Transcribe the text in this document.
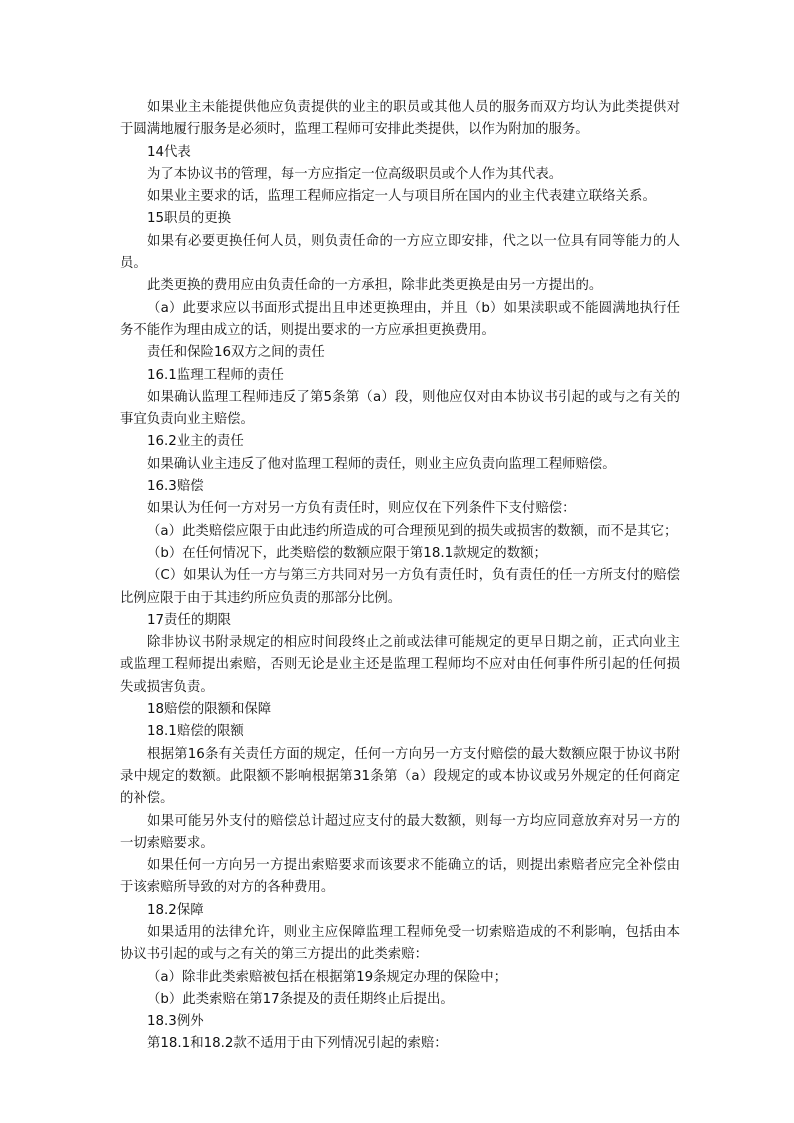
如果业主未能提供他应负责提供的业主的职员或其他人员的服务而双方均认为此类提供对于圆满地履行服务是必须时，监理工程师可安排此类提供，以作为附加的服务。

14代表

为了本协议书的管理，每一方应指定一位高级职员或个人作为其代表。

如果业主要求的话，监理工程师应指定一人与项目所在国内的业主代表建立联络关系。

15职员的更换

如果有必要更换任何人员，则负责任命的一方应立即安排，代之以一位具有同等能力的人员。

此类更换的费用应由负责任命的一方承担，除非此类更换是由另一方提出的。

（a）此要求应以书面形式提出且申述更换理由，并且（b）如果渎职或不能圆满地执行任务不能作为理由成立的话，则提出要求的一方应承担更换费用。

责任和保险16双方之间的责任

16.1监理工程师的责任

如果确认监理工程师违反了第5条第（a）段，则他应仅对由本协议书引起的或与之有关的事宜负责向业主赔偿。

16.2业主的责任

如果确认业主违反了他对监理工程师的责任，则业主应负责向监理工程师赔偿。

16.3赔偿

如果认为任何一方对另一方负有责任时，则应仅在下列条件下支付赔偿：

（a）此类赔偿应限于由此违约所造成的可合理预见到的损失或损害的数额，而不是其它；

（b）在任何情况下，此类赔偿的数额应限于第18.1款规定的数额；

（C）如果认为任一方与第三方共同对另一方负有责任时，负有责任的任一方所支付的赔偿比例应限于由于其违约所应负责的那部分比例。

17责任的期限

除非协议书附录规定的相应时间段终止之前或法律可能规定的更早日期之前，正式向业主或监理工程师提出索赔，否则无论是业主还是监理工程师均不应对由任何事件所引起的任何损失或损害负责。

18赔偿的限额和保障

18.1赔偿的限额

根据第16条有关责任方面的规定，任何一方向另一方支付赔偿的最大数额应限于协议书附录中规定的数额。此限额不影响根据第31条第（a）段规定的或本协议或另外规定的任何商定的补偿。

如果可能另外支付的赔偿总计超过应支付的最大数额，则每一方均应同意放弃对另一方的一切索赔要求。

如果任何一方向另一方提出索赔要求而该要求不能确立的话，则提出索赔者应完全补偿由于该索赔所导致的对方的各种费用。

18.2保障

如果适用的法律允许，则业主应保障监理工程师免受一切索赔造成的不利影响，包括由本协议书引起的或与之有关的第三方提出的此类索赔：

（a）除非此类索赔被包括在根据第19条规定办理的保险中；

（b）此类索赔在第17条提及的责任期终止后提出。

18.3例外

第18.1和18.2款不适用于由下列情况引起的索赔：
